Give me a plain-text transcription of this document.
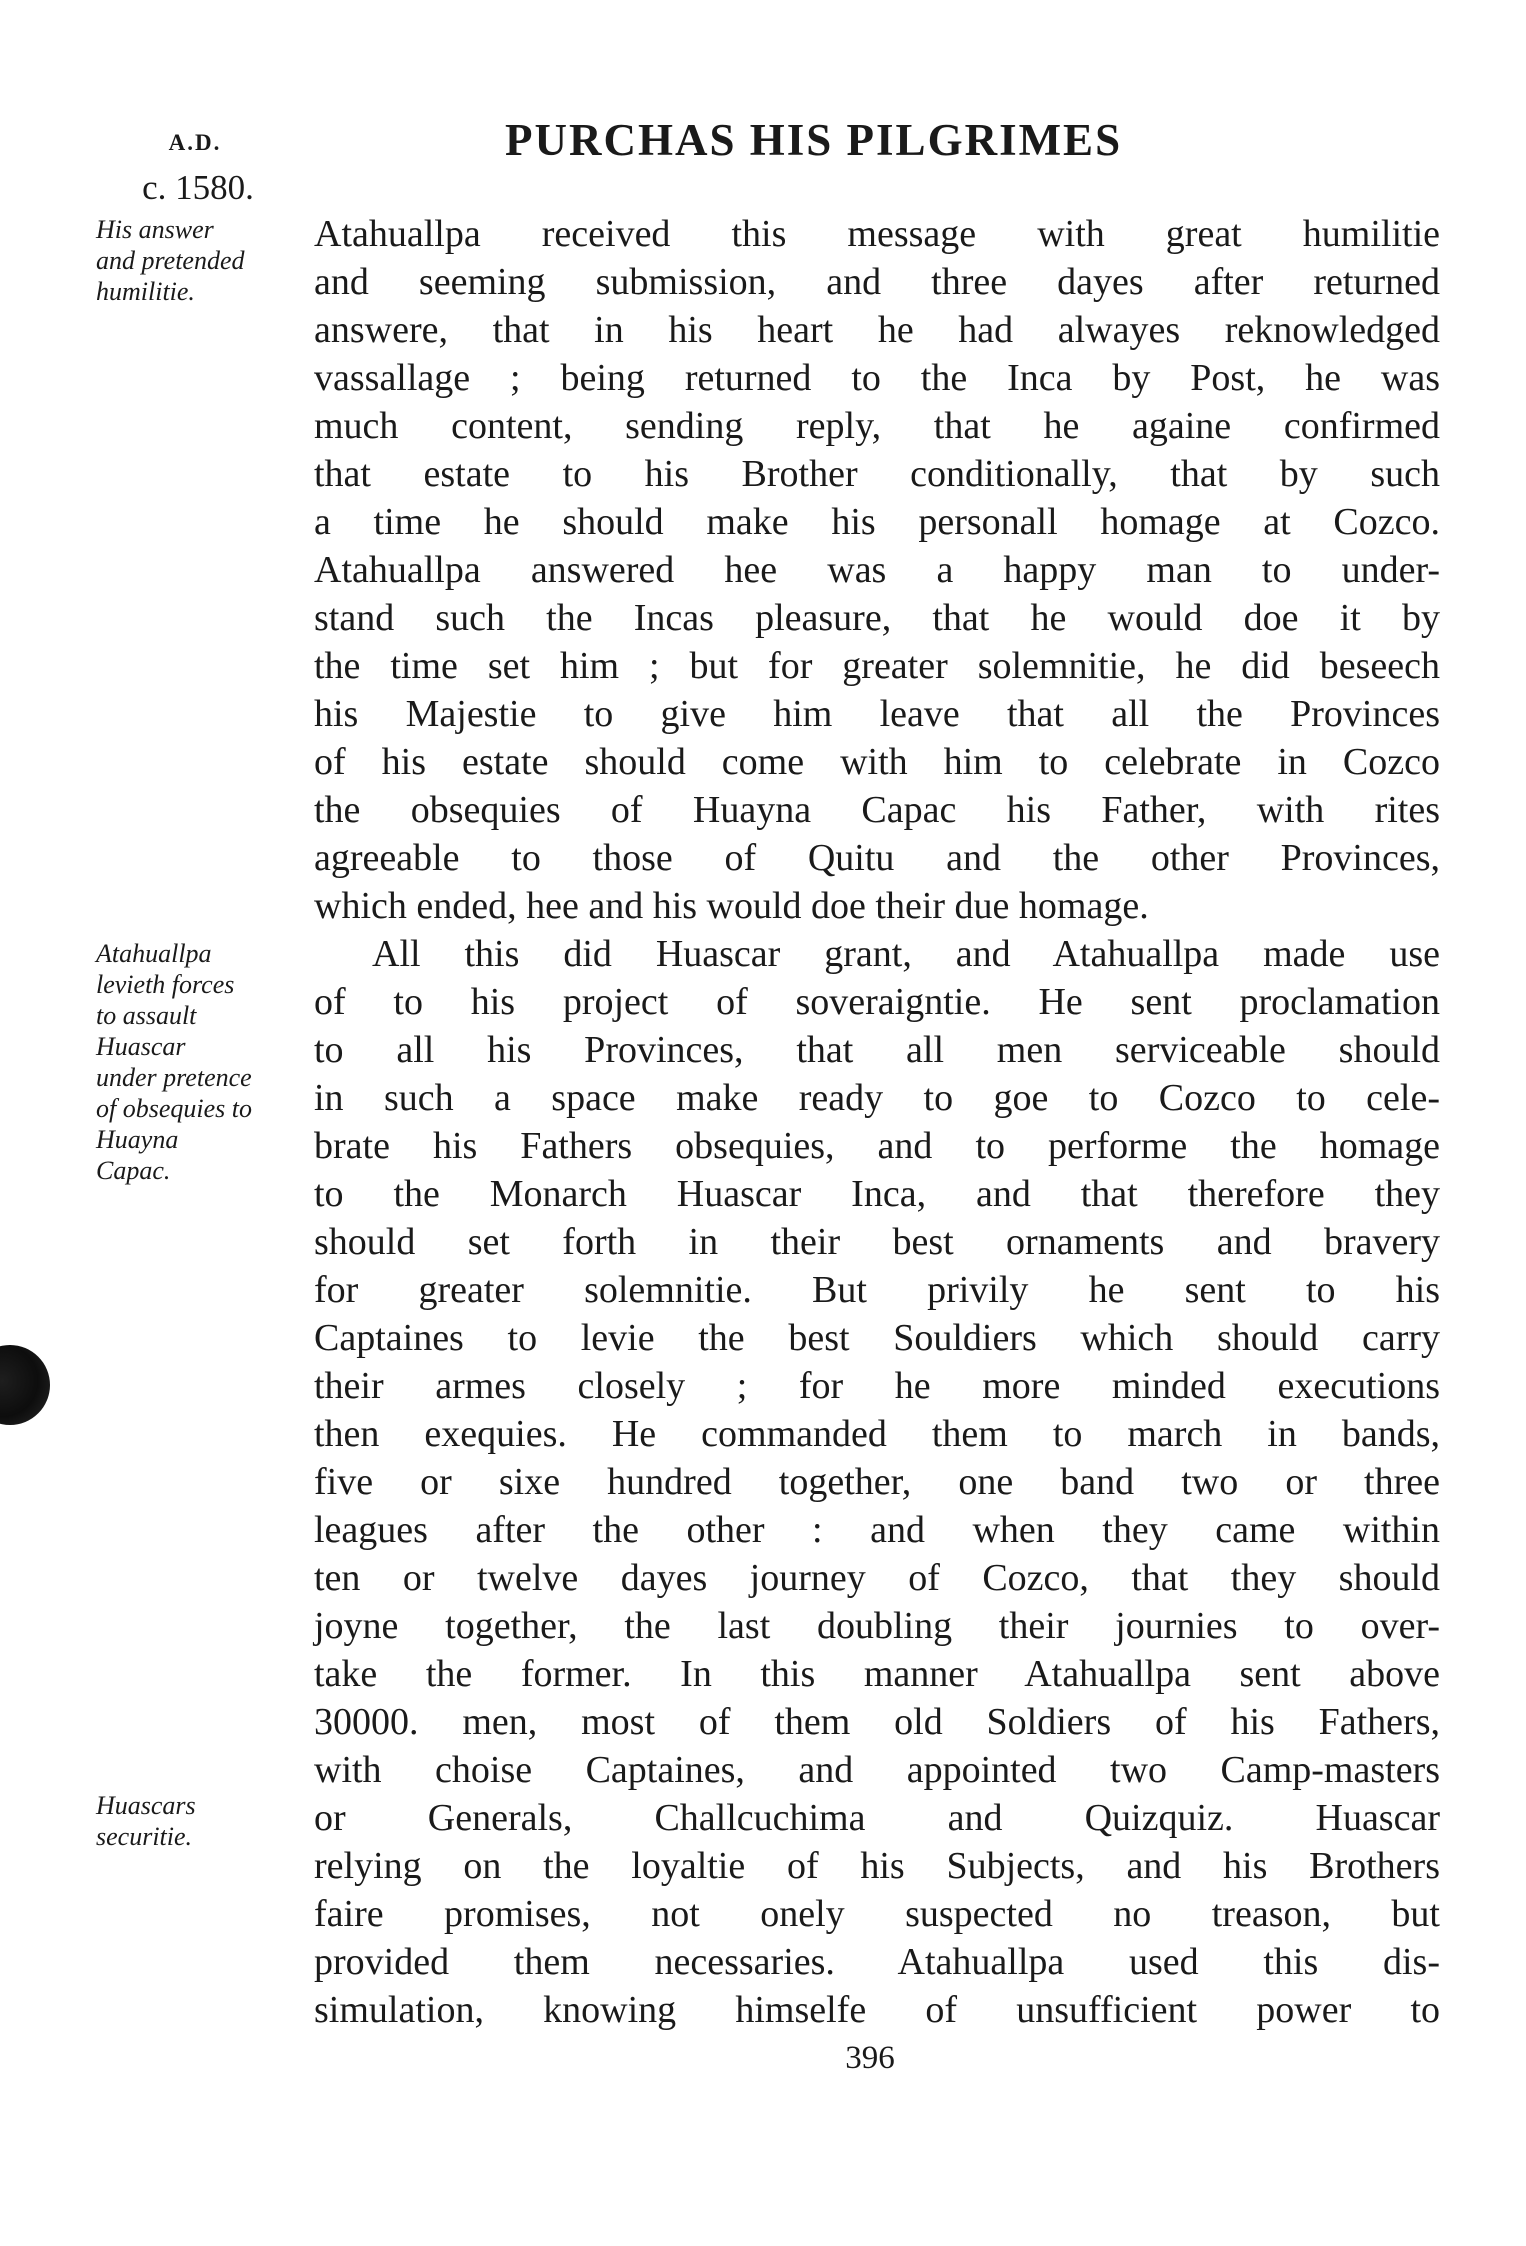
A.D.
c. 1580.
PURCHAS HIS PILGRIMES
His answer
and pretended
humilitie.
Atahuallpa
levieth forces
to assault
Huascar
under pretence
of obsequies to
Huayna
Capac.
Huascars
securitie.
Atahuallpa received this message with great humilitie
and seeming submission, and three dayes after returned
answere, that in his heart he had alwayes reknowledged
vassallage ; being returned to the Inca by Post, he was
much content, sending reply, that he againe confirmed
that estate to his Brother conditionally, that by such
a time he should make his personall homage at Cozco.
Atahuallpa answered hee was a happy man to under-
stand such the Incas pleasure, that he would doe it by
the time set him ; but for greater solemnitie, he did beseech
his Majestie to give him leave that all the Provinces
of his estate should come with him to celebrate in Cozco
the obsequies of Huayna Capac his Father, with rites
agreeable to those of Quitu and the other Provinces,
which ended, hee and his would doe their due homage.
All this did Huascar grant, and Atahuallpa made use
of to his project of soveraigntie. He sent proclamation
to all his Provinces, that all men serviceable should
in such a space make ready to goe to Cozco to cele-
brate his Fathers obsequies, and to performe the homage
to the Monarch Huascar Inca, and that therefore they
should set forth in their best ornaments and bravery
for greater solemnitie. But privily he sent to his
Captaines to levie the best Souldiers which should carry
their armes closely ; for he more minded executions
then exequies. He commanded them to march in bands,
five or sixe hundred together, one band two or three
leagues after the other : and when they came within
ten or twelve dayes journey of Cozco, that they should
joyne together, the last doubling their journies to over-
take the former. In this manner Atahuallpa sent above
30000. men, most of them old Soldiers of his Fathers,
with choise Captaines, and appointed two Camp-masters
or Generals, Challcuchima and Quizquiz. Huascar
relying on the loyaltie of his Subjects, and his Brothers
faire promises, not onely suspected no treason, but
provided them necessaries. Atahuallpa used this dis-
simulation, knowing himselfe of unsufficient power to
396
